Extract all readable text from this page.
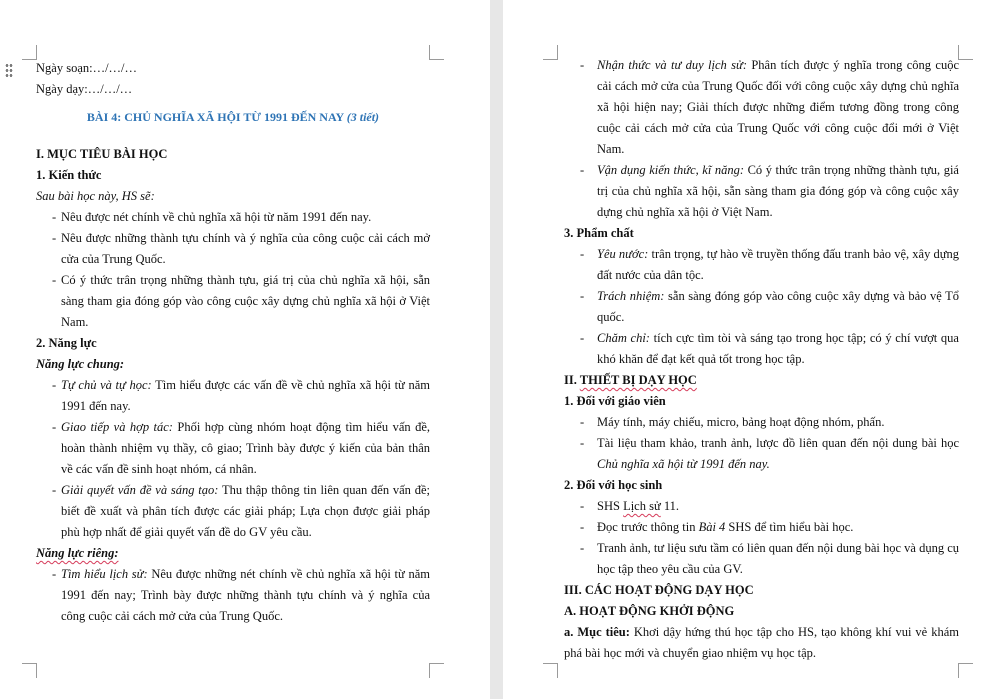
Ngày soạn:…/…/…

Ngày dạy:…/…/…

BÀI 4: CHỦ NGHĨA XÃ HỘI TỪ 1991 ĐẾN NAY (3 tiết)

I. MỤC TIÊU BÀI HỌC

1. Kiến thức

Sau bài học này, HS sẽ:

- Nêu được nét chính về chủ nghĩa xã hội từ năm 1991 đến nay.

- Nêu được những thành tựu chính và ý nghĩa của công cuộc cải cách mở cửa của Trung Quốc.

- Có ý thức trân trọng những thành tựu, giá trị của chủ nghĩa xã hội, sẵn sàng tham gia đóng góp vào công cuộc xây dựng chủ nghĩa xã hội ở Việt Nam.

2. Năng lực

Năng lực chung:

- Tự chủ và tự học: Tìm hiểu được các vấn đề về chủ nghĩa xã hội từ năm 1991 đến nay.

- Giao tiếp và hợp tác: Phối hợp cùng nhóm hoạt động tìm hiểu vấn đề, hoàn thành nhiệm vụ thầy, cô giao; Trình bày được ý kiến của bản thân về các vấn đề sinh hoạt nhóm, cá nhân.

- Giải quyết vấn đề và sáng tạo: Thu thập thông tin liên quan đến vấn đề; biết đề xuất và phân tích được các giải pháp; Lựa chọn được giải pháp phù hợp nhất để giải quyết vấn đề do GV yêu cầu.

Năng lực riêng:

- Tìm hiểu lịch sử: Nêu được những nét chính về chủ nghĩa xã hội từ năm 1991 đến nay; Trình bày được những thành tựu chính và ý nghĩa của công cuộc cải cách mở cửa của Trung Quốc.

- Nhận thức và tư duy lịch sử: Phân tích được ý nghĩa trong công cuộc cải cách mở cửa của Trung Quốc đối với công cuộc xây dựng chủ nghĩa xã hội hiện nay; Giải thích được những điểm tương đồng trong công cuộc cải cách mở cửa của Trung Quốc với công cuộc đổi mới ở Việt Nam.

- Vận dụng kiến thức, kĩ năng: Có ý thức trân trọng những thành tựu, giá trị của chủ nghĩa xã hội, sẵn sàng tham gia đóng góp và công cuộc xây dựng chủ nghĩa xã hội ở Việt Nam.

3. Phẩm chất

- Yêu nước: trân trọng, tự hào về truyền thống đấu tranh bảo vệ, xây dựng đất nước của dân tộc.

- Trách nhiệm: sẵn sàng đóng góp vào công cuộc xây dựng và bảo vệ Tổ quốc.

- Chăm chỉ: tích cực tìm tòi và sáng tạo trong học tập; có ý chí vượt qua khó khăn để đạt kết quả tốt trong học tập.

II. THIẾT BỊ DẠY HỌC

1. Đối với giáo viên

- Máy tính, máy chiếu, micro, bảng hoạt động nhóm, phấn.

- Tài liệu tham khảo, tranh ảnh, lược đồ liên quan đến nội dung bài học Chủ nghĩa xã hội từ 1991 đến nay.

2. Đối với học sinh

- SHS Lịch sử 11.

- Đọc trước thông tin Bài 4 SHS để tìm hiểu bài học.

- Tranh ảnh, tư liệu sưu tầm có liên quan đến nội dung bài học và dụng cụ học tập theo yêu cầu của GV.

III. CÁC HOẠT ĐỘNG DẠY HỌC

A. HOẠT ĐỘNG KHỞI ĐỘNG

a. Mục tiêu: Khơi dậy hứng thú học tập cho HS, tạo không khí vui vẻ khám phá bài học mới và chuyển giao nhiệm vụ học tập.
